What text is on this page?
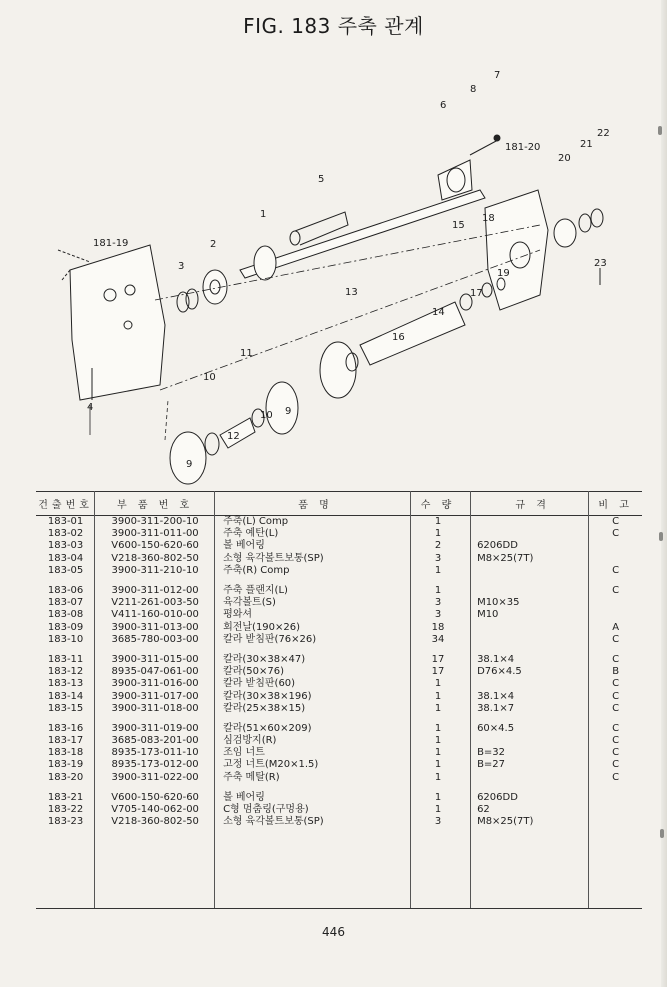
FIG. 183 주축 관계
7
8
6
181-20
20
21
22
5
1
15
18
19
23
181-19	2
3
17
13
14
16
11
10
10 9
12
9
4
건출번호	부 품 번 호	품 명	수 량	규 격	비 고
183-01	3900-311-200-10	주축(L) Comp	1		C
183-02	3900-311-011-00	주축 예탄(L)	1		C
183-03	V600-150-620-60	볼 베어링	2	6206DD	
183-04	V218-360-802-50	소형 육각볼트보통(SP)	3	M8×25(7T)	
183-05	3900-311-210-10	주축(R) Comp	1		C

183-06	3900-311-012-00	주축 플랜지(L)	1		C
183-07	V211-261-003-50	육각볼트(S)	3	M10×35	
183-08	V411-160-010-00	평와셔	3	M10	
183-09	3900-311-013-00	회전날(190×26)	18		A
183-10	3685-780-003-00	칼라 받침판(76×26)	34		C

183-11	3900-311-015-00	칼라(30×38×47)	17	38.1×4	C
183-12	8935-047-061-00	칼라(50×76)	17	D76×4.5	B
183-13	3900-311-016-00	칼라 받침판(60)	1		C
183-14	3900-311-017-00	칼라(30×38×196)	1	38.1×4	C
183-15	3900-311-018-00	칼라(25×38×15)	1	38.1×7	C

183-16	3900-311-019-00	칼라(51×60×209)	1	60×4.5	C
183-17	3685-083-201-00	심검방지(R)	1		C
183-18	8935-173-011-10	조임 너트	1	B=32	C
183-19	8935-173-012-00	고정 너트(M20×1.5)	1	B=27	C
183-20	3900-311-022-00	주축 메탈(R)	1		C

183-21	V600-150-620-60	볼 베어링	1	6206DD	
183-22	V705-140-062-00	C형 멈춤링(구멍용)	1	62	
183-23	V218-360-802-50	소형 육각볼트보통(SP)	3	M8×25(7T)	
446
